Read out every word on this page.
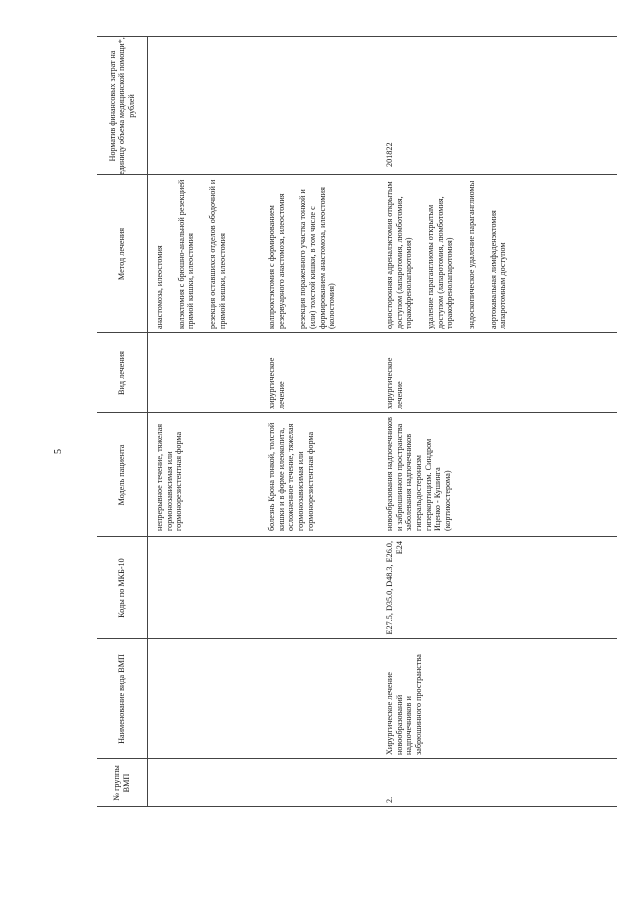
5
№ группы ВМП
Наименование вида ВМП
Коды по МКБ-10
Модель пациента
Вид лечения
Метод лечения
Норматив финансовых затрат на единицу объема медицинской помощи*, рублей
непрерывное течение, тяжелая гормонозависимая или гормонорезистентная форма
анастомоза, илеостомия колэктомия с брюшно-анальной резекцией прямой кишки, илеостомия резекция оставшихся отделов ободочной и прямой кишки, илеостомия
болезнь Крона тонкой, толстой кишки и в форме илеоколита, осложненное течение, тяжелая гормонозависимая или гормонорезистентная форма
хирургическое лечение
колпроктэктомия с формированием резервуарного анастомоза, илеостомия резекция пораженного участка тонкой и (или) толстой кишки, в том числе с формированием анастомоза, илеостомия (колостомия)
2.
Хирургическое лечение новообразований надпочечников и забрюшинного пространства
E27.5, D35.0, D48.3, E26.0, E24
новообразования надпочечников и забрюшинного пространства заболевания надпочечников гиперальдостеронизм гиперкортицизм. Синдром Иценко - Кушинга (кортикостерома)
хирургическое лечение
односторонняя адреналэктомия открытым доступом (лапаротомия, люмботомия, торакофренолапаротомия) удаление параганглиомы открытым доступом (лапаротомия, люмботомия, торакофренолапаротомия) эндоскопическое удаление параганглиомы аортокавальная лимфаденэктомия лапаротомным доступом
201822
